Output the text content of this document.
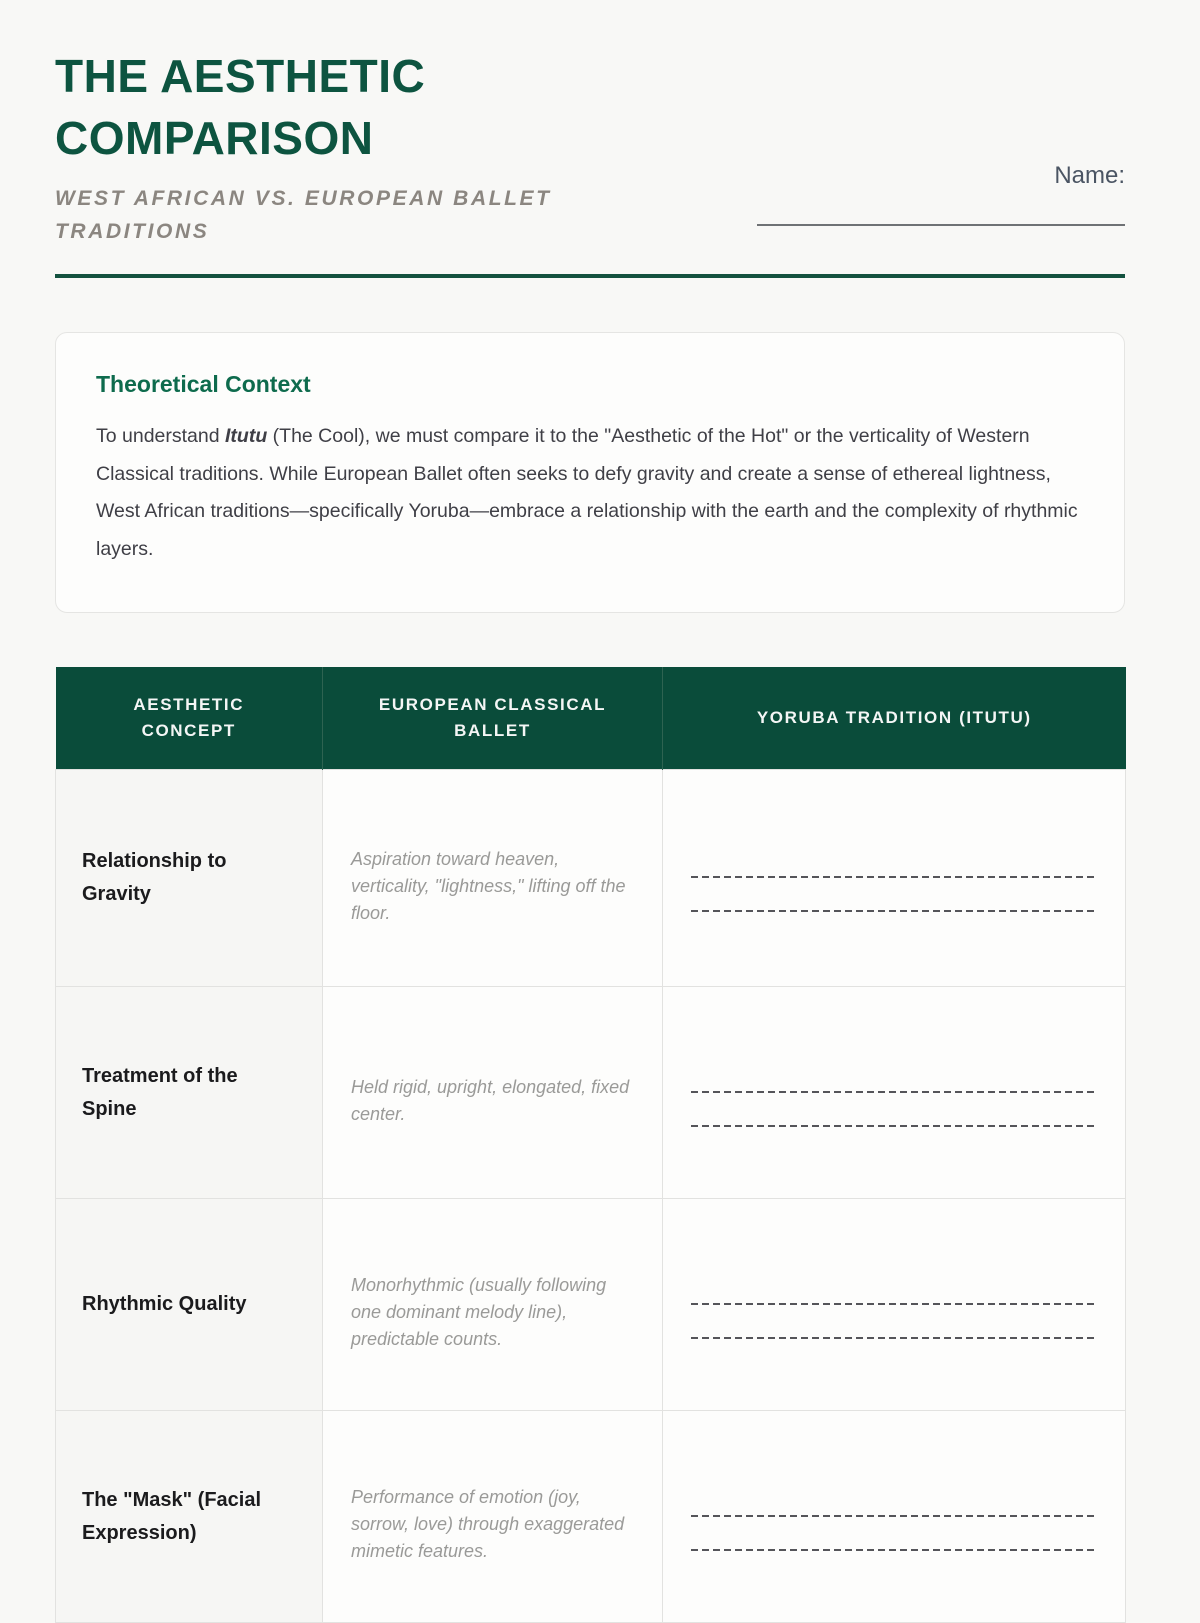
THE AESTHETIC
COMPARISON
WEST AFRICAN VS. EUROPEAN BALLET
TRADITIONS
Name:
Theoretical Context
To understand Itutu (The Cool), we must compare it to the "Aesthetic of the Hot" or the verticality of Western Classical traditions. While European Ballet often seeks to defy gravity and create a sense of ethereal lightness, West African traditions—specifically Yoruba—embrace a relationship with the earth and the complexity of rhythmic layers.
AESTHETIC CONCEPT	EUROPEAN CLASSICAL BALLET	YORUBA TRADITION (ITUTU)
Relationship to Gravity	Aspiration toward heaven, verticality, "lightness," lifting off the floor.	

Treatment of the Spine	Held rigid, upright, elongated, fixed center.	

Rhythmic Quality	Monorhythmic (usually following one dominant melody line), predictable counts.	

The "Mask" (Facial Expression)	Performance of emotion (joy, sorrow, love) through exaggerated mimetic features.	
